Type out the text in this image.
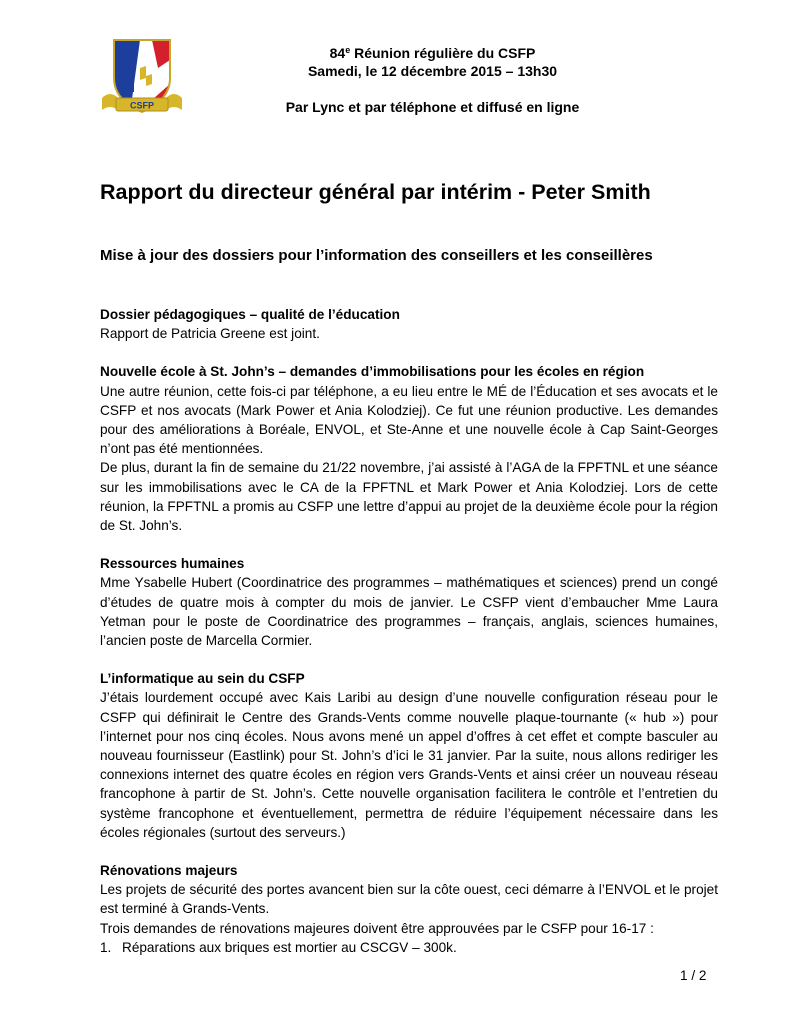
CSFP
84e Réunion régulière du CSFP
Samedi, le 12 décembre 2015 – 13h30
Par Lync et par téléphone et diffusé en ligne
Rapport du directeur général par intérim - Peter Smith
Mise à jour des dossiers pour l’information des conseillers et les conseillères
Dossier pédagogiques – qualité de l’éducation
Rapport de Patricia Greene est joint.
Nouvelle école à St. John’s – demandes d’immobilisations pour les écoles en région
Une autre réunion, cette fois-ci par téléphone, a eu lieu entre le MÉ de l’Éducation et ses avocats et le CSFP et nos avocats (Mark Power et Ania Kolodziej). Ce fut une réunion productive. Les demandes pour des améliorations à Boréale, ENVOL, et Ste-Anne et une nouvelle école à Cap Saint-Georges n’ont pas été mentionnées.
De plus, durant la fin de semaine du 21/22 novembre, j’ai assisté à l’AGA de la FPFTNL et une séance sur les immobilisations avec le CA de la FPFTNL et Mark Power et Ania Kolodziej. Lors de cette réunion, la FPFTNL a promis au CSFP une lettre d’appui au projet de la deuxième école pour la région de St. John’s.
Ressources humaines
Mme Ysabelle Hubert (Coordinatrice des programmes – mathématiques et sciences) prend un congé d’études de quatre mois à compter du mois de janvier. Le CSFP vient d’embaucher Mme Laura Yetman pour le poste de Coordinatrice des programmes – français, anglais, sciences humaines, l’ancien poste de Marcella Cormier.
L’informatique au sein du CSFP
J’étais lourdement occupé avec Kais Laribi au design d’une nouvelle configuration réseau pour le CSFP qui définirait le Centre des Grands-Vents comme nouvelle plaque-tournante (« hub ») pour l’internet pour nos cinq écoles. Nous avons mené un appel d’offres à cet effet et compte basculer au nouveau fournisseur (Eastlink) pour St. John’s d’ici le 31 janvier. Par la suite, nous allons rediriger les connexions internet des quatre écoles en région vers Grands-Vents et ainsi créer un nouveau réseau francophone à partir de St. John’s. Cette nouvelle organisation facilitera le contrôle et l’entretien du système francophone et éventuellement, permettra de réduire l’équipement nécessaire dans les écoles régionales (surtout des serveurs.)
Rénovations majeurs
Les projets de sécurité des portes avancent bien sur la côte ouest, ceci démarre à l’ENVOL et le projet est terminé à Grands-Vents.
Trois demandes de rénovations majeures doivent être approuvées par le CSFP pour 16-17 :
1. Réparations aux briques est mortier au CSCGV – 300k.
1 / 2
